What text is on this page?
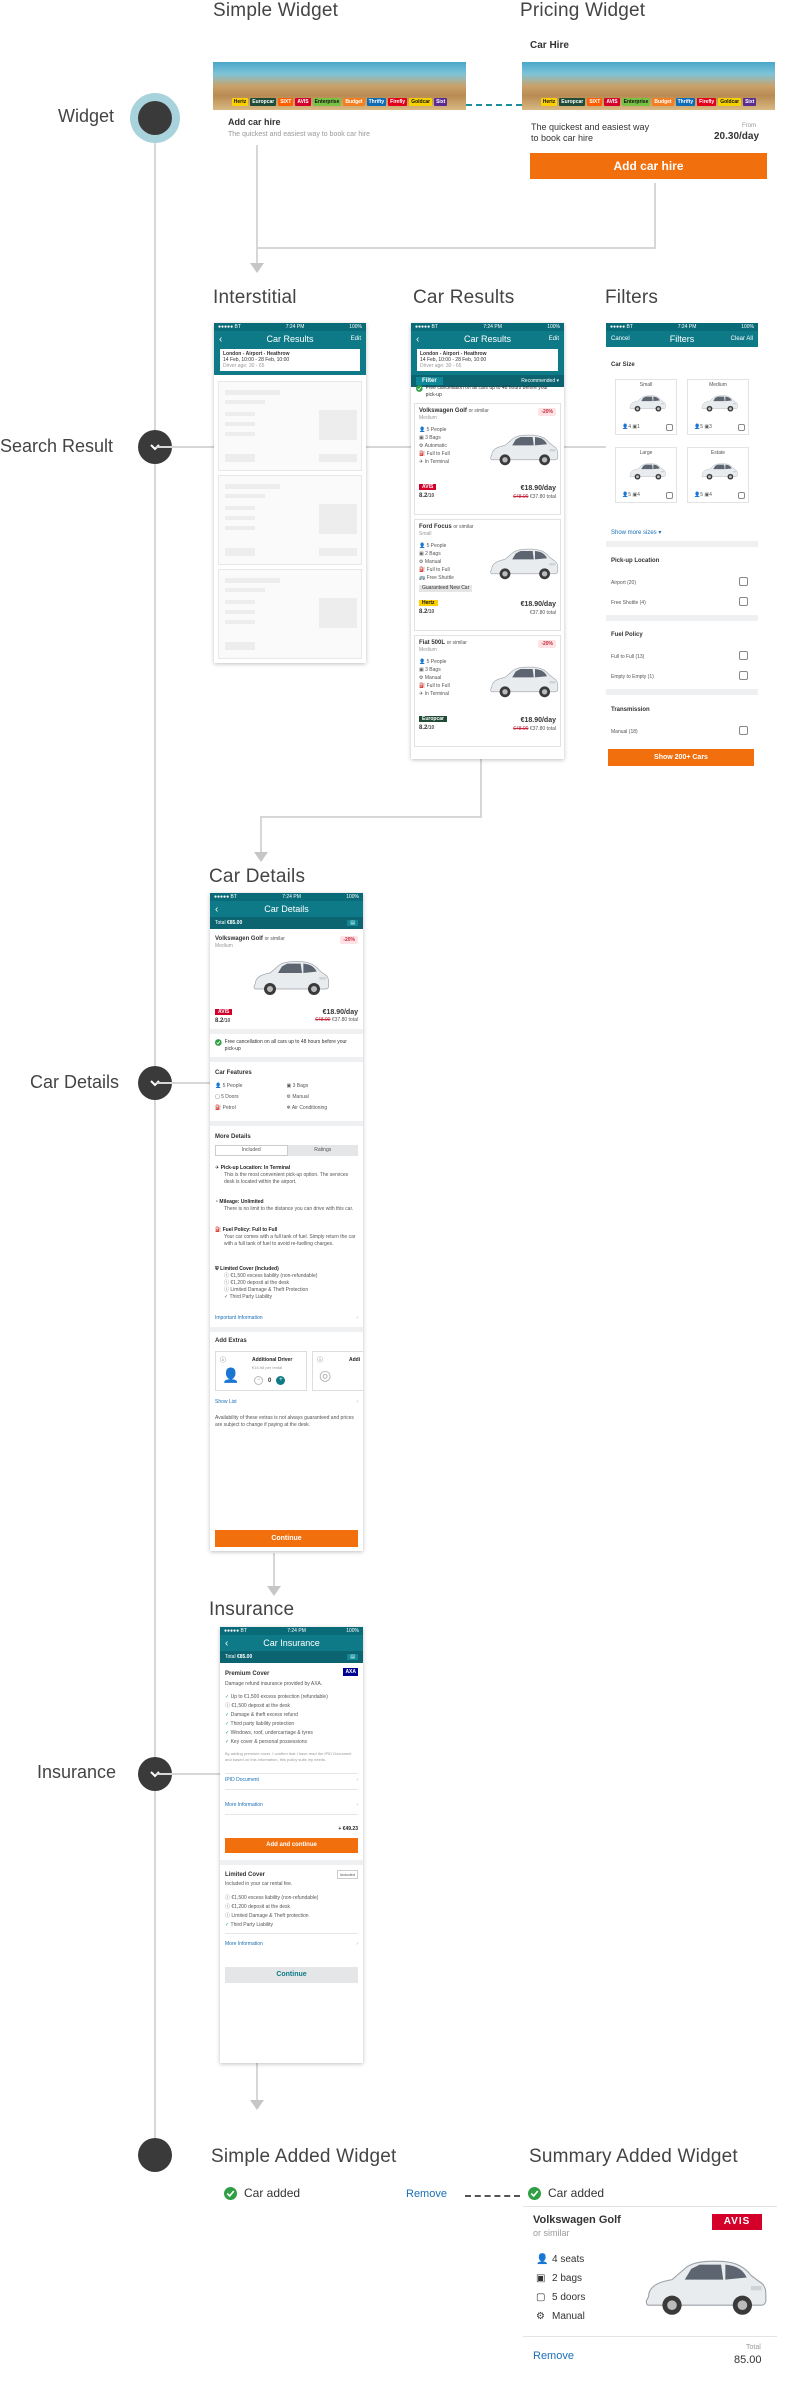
Simple Widget	Pricing Widget
Interstitial	Car Results	Filters
Car Details
Insurance
Simple Added Widget	Summary Added Widget
Widget
Search Result
Car Details
Insurance
Hertz	Europcar	SIXT	AVIS	Enterprise	Budget	Thrifty	Firefly	Goldcar	Sixt
Add car hire
The quickest and easiest way to book car hire
Car Hire
Hertz	Europcar	SIXT	AVIS	Enterprise	Budget	Thrifty	Firefly	Goldcar	Sixt
The quickest and easiest way to book car hire
From
20.30/day
Add car hire
●●●●● BT	7:24 PM	100%
‹	Car Results	Edit
London - Airport - Heathrow
14 Feb, 10:00 - 28 Feb, 10:00
Driver age: 30 - 65
●●●●● BT	7:24 PM	100%
‹	Car Results	Edit
London - Airport - Heathrow
14 Feb, 10:00 - 28 Feb, 10:00
Driver age: 30 - 65
Filter	Recommended ▾
Free cancellation on all cars up to 48 hours before your pick-up
Volkswagen Golf or similar
Medium
-20%
👤 5 People
▣ 3 Bags
⚙ Automatic
⛽ Full to Full
✈ In Terminal
AVIS
8.2/10
€18.90/day
€48.00 €37.80 total
Ford Focus or similar
Small
👤 5 People
▣ 2 Bags
⚙ Manual
⛽ Full to Full
🚌 Free Shuttle
Guaranteed New Car
Hertz
8.2/10
€18.90/day
€37.80 total
Fiat 500L or similar
Medium
-20%
👤 5 People
▣ 3 Bags
⚙ Manual
⛽ Full to Full
✈ In Terminal
Europcar
8.2/10
€18.90/day
€48.00 €37.80 total
●●●●● BT	7:24 PM	100%
Cancel	Filters	Clear All
Car Size
Small
👤4 ▣1
Medium
👤5 ▣3
Large
👤5 ▣4
Estate
👤5 ▣4
Show more sizes ▾
Pick-up Location
Airport (20)
Free Shuttle (4)
Fuel Policy
Full to Full (13)
Empty to Empty (1)
Transmission
Manual (18)
Show 200+ Cars
●●●●● BT	7:24 PM	100%
‹	Car Details
Total €85.00	▤
Volkswagen Golf or similar
Medium
-20%
AVIS
8.2/10
€18.90/day
€48.00 €37.80 total
Free cancellation on all cars up to 48 hours before your pick-up
Car Features
👤 5 People	▣ 3 Bags
▢ 5 Doors	⚙ Manual
⛽ Petrol	❄ Air Conditioning
More Details
Included	Ratings
✈ Pick-up Location: In Terminal
This is the most convenient pick-up option. The services desk is located within the airport.
◔ Mileage: Unlimited
There is no limit to the distance you can drive with this car.
⛽ Fuel Policy: Full to Full
Your car comes with a full tank of fuel. Simply return the car with a full tank of fuel to avoid re-fuelling charges.
⛨ Limited Cover (Included)
ⓘ €1,500 excess liability (non-refundable)
ⓘ €1,200 deposit at the desk
ⓘ Limited Damage & Theft Protection
✓ Third Party Liability
Important Information	›
Add Extras
ⓘ
👤
Additional Driver
€16.98 per rental
−	0	+
ⓘ
◎
Addi
Show List	›
Availability of these extras is not always guaranteed and prices are subject to change if paying at the desk.
Continue
●●●●● BT	7:24 PM	100%
‹	Car Insurance
Total €85.00	▤
Premium Cover	AXA
Damage refund insurance provided by AXA.
✓ Up to €1,500 excess protection (refundable)
ⓘ €1,500 deposit at the desk
✓ Damage & theft excess refund
✓ Third party liability protection
✓ Windows, roof, undercarriage & tyres
✓ Key cover & personal possessions
By adding premium cover, I confirm that I have read the IPID Document and based on this information, this policy suits my needs.
IPID Document	›
More Information	›
+ €49.23
Add and continue
Limited Cover	Included
Included in your car rental fee.
ⓘ €1,500 excess liability (non-refundable)
ⓘ €1,200 deposit at the desk
ⓘ Limited Damage & Theft protection
✓ Third Party Liability
More Information	›
Continue
Car added	Remove	Car added
Volkswagen Golf
or similar
AVIS
👤 4 seats
▣ 2 bags
▢ 5 doors
⚙ Manual
Remove
Total
85.00
